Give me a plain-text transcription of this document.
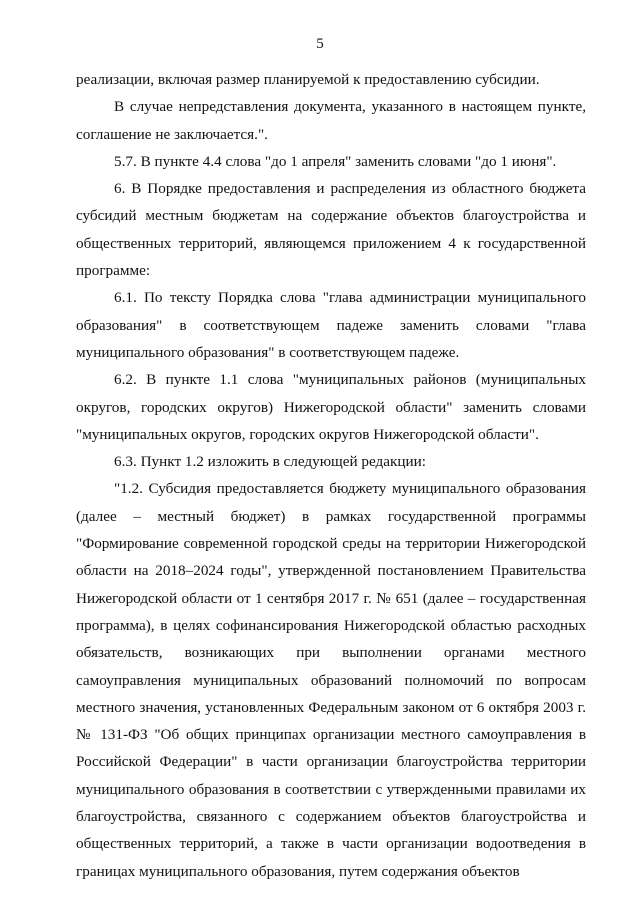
5

реализации, включая размер планируемой к предоставлению субсидии.

В случае непредставления документа, указанного в настоящем пункте, соглашение не заключается.".

5.7. В пункте 4.4 слова "до 1 апреля" заменить словами "до 1 июня".

6. В Порядке предоставления и распределения из областного бюджета субсидий местным бюджетам на содержание объектов благоустройства и общественных территорий, являющемся приложением 4 к государственной программе:

6.1. По тексту Порядка слова "глава администрации муниципального образования" в соответствующем падеже заменить словами "глава муниципального образования" в соответствующем падеже.

6.2. В пункте 1.1 слова "муниципальных районов (муниципальных округов, городских округов) Нижегородской области" заменить словами "муниципальных округов, городских округов Нижегородской области".

6.3. Пункт 1.2 изложить в следующей редакции:

"1.2. Субсидия предоставляется бюджету муниципального образования (далее – местный бюджет) в рамках государственной программы "Формирование современной городской среды на территории Нижегородской области на 2018–2024 годы", утвержденной постановлением Правительства Нижегородской области от 1 сентября 2017 г. № 651 (далее – государственная программа), в целях софинансирования Нижегородской областью расходных обязательств, возникающих при выполнении органами местного самоуправления муниципальных образований полномочий по вопросам местного значения, установленных Федеральным законом от 6 октября 2003 г. № 131-ФЗ "Об общих принципах организации местного самоуправления в Российской Федерации" в части организации благоустройства территории муниципального образования в соответствии с утвержденными правилами их благоустройства, связанного с содержанием объектов благоустройства и общественных территорий, а также в части организации водоотведения в границах муниципального образования, путем содержания объектов
